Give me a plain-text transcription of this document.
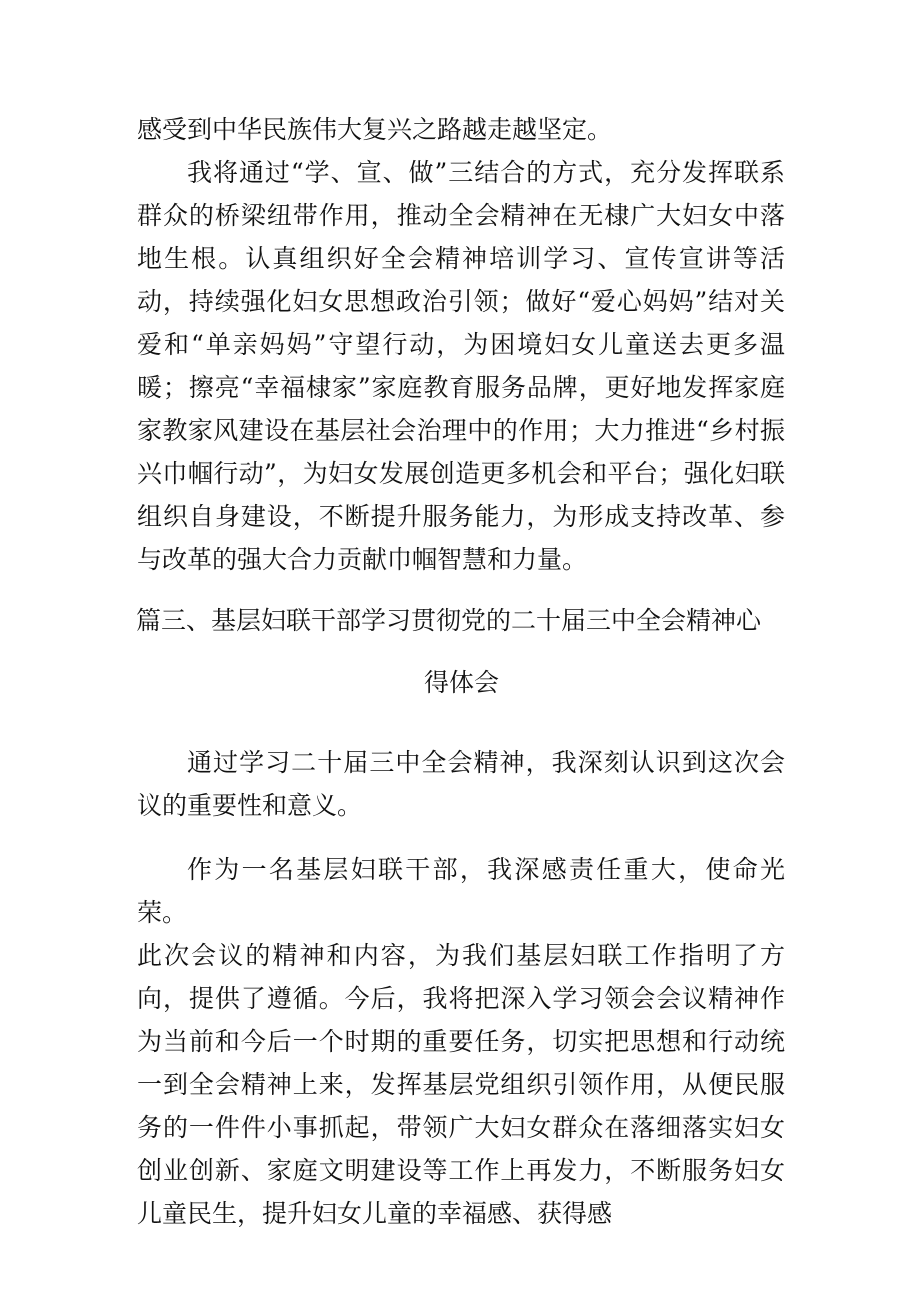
感受到中华民族伟大复兴之路越走越坚定。

我将通过“学、宣、做”三结合的方式，充分发挥联系群众的桥梁纽带作用，推动全会精神在无棣广大妇女中落地生根。认真组织好全会精神培训学习、宣传宣讲等活动，持续强化妇女思想政治引领；做好“爱心妈妈”结对关爱和“单亲妈妈”守望行动，为困境妇女儿童送去更多温暖；擦亮“幸福棣家”家庭教育服务品牌，更好地发挥家庭家教家风建设在基层社会治理中的作用；大力推进“乡村振兴巾帼行动”，为妇女发展创造更多机会和平台；强化妇联组织自身建设，不断提升服务能力，为形成支持改革、参与改革的强大合力贡献巾帼智慧和力量。

篇三、基层妇联干部学习贯彻党的二十届三中全会精神心

得体会

通过学习二十届三中全会精神，我深刻认识到这次会议的重要性和意义。

作为一名基层妇联干部，我深感责任重大，使命光荣。

此次会议的精神和内容，为我们基层妇联工作指明了方向，提供了遵循。今后，我将把深入学习领会会议精神作为当前和今后一个时期的重要任务，切实把思想和行动统一到全会精神上来，发挥基层党组织引领作用，从便民服务的一件件小事抓起，带领广大妇女群众在落细落实妇女创业创新、家庭文明建设等工作上再发力，不断服务妇女儿童民生，提升妇女儿童的幸福感、获得感
